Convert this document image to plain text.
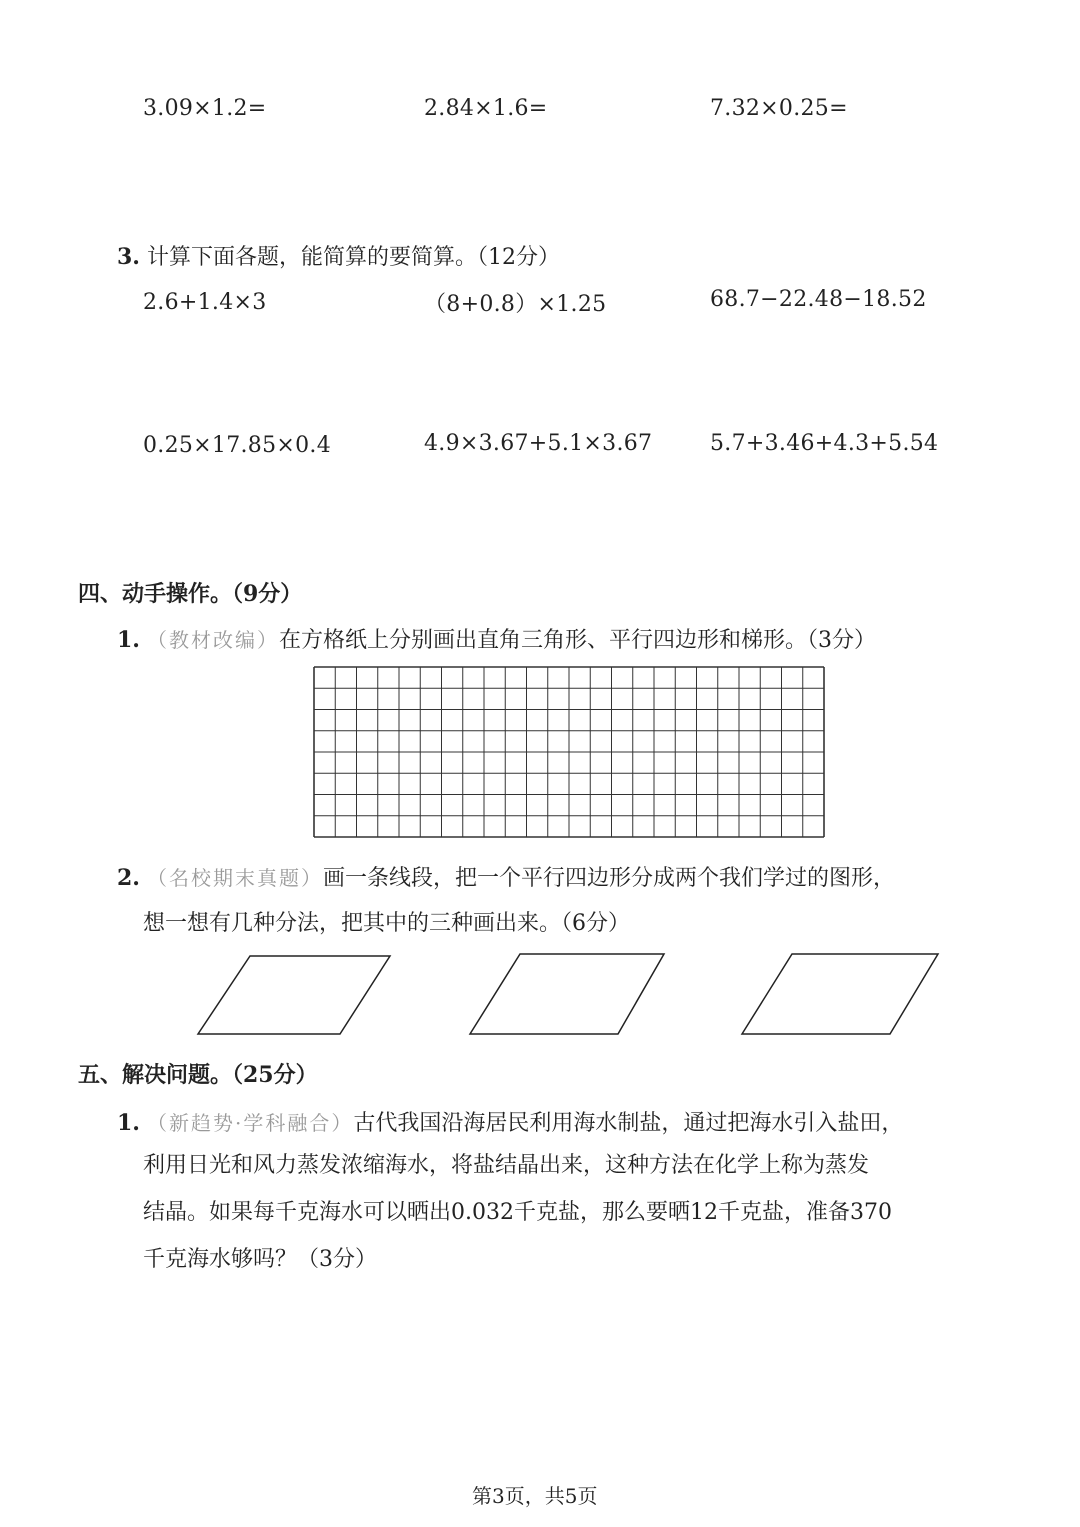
3.09×1.2=	2.84×1.6=	7.32×0.25=
3. 计算下面各题，能简算的要简算。（12分）
2.6+1.4×3	（8+0.8）×1.25	68.7−22.48−18.52
0.25×17.85×0.4	4.9×3.67+5.1×3.67	5.7+3.46+4.3+5.54
四、动手操作。（9分）
1. （教材改编）在方格纸上分别画出直角三角形、平行四边形和梯形。（3分）
2. （名校期末真题）画一条线段，把一个平行四边形分成两个我们学过的图形，
想一想有几种分法，把其中的三种画出来。（6分）
五、解决问题。（25分）
1. （新趋势·学科融合）古代我国沿海居民利用海水制盐，通过把海水引入盐田，
利用日光和风力蒸发浓缩海水，将盐结晶出来，这种方法在化学上称为蒸发
结晶。如果每千克海水可以晒出0.032千克盐，那么要晒12千克盐，准备370
千克海水够吗？（3分）
第3页，共5页
